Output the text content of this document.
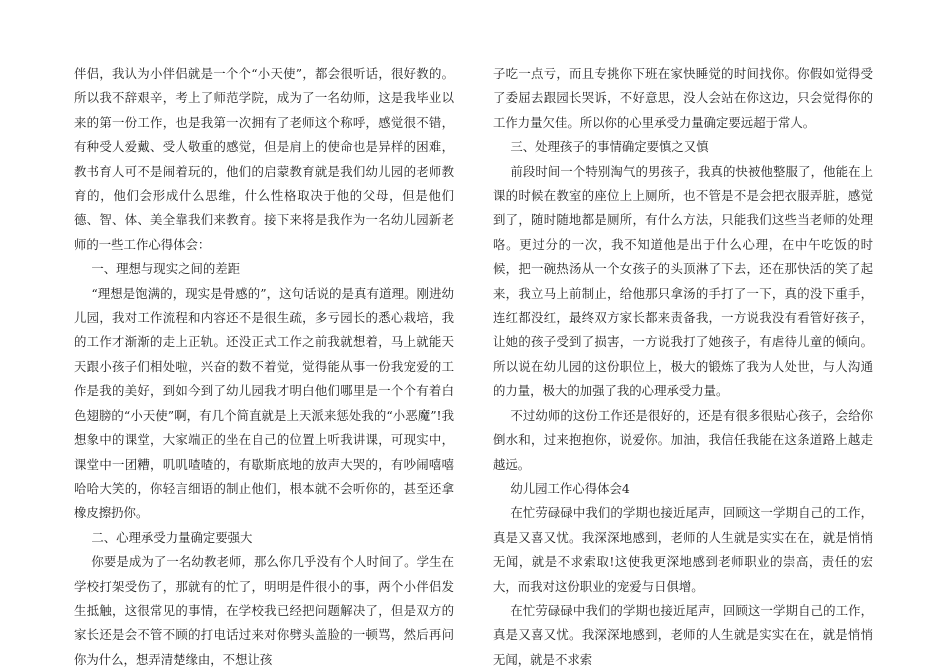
伴侣，我认为小伴侣就是一个个“小天使”，都会很听话，很好教的。所以我不辞艰辛，考上了师范学院，成为了一名幼师，这是我毕业以来的第一份工作，也是我第一次拥有了老师这个称呼，感觉很不错，有种受人爱戴、受人敬重的感觉，但是肩上的使命也是异样的困难，教书育人可不是闹着玩的，他们的启蒙教育就是我们幼儿园的老师教育的，他们会形成什么思维，什么性格取决于他的父母，但是他们德、智、体、美全靠我们来教育。接下来将是我作为一名幼儿园新老师的一些工作心得体会：

一、理想与现实之间的差距

“理想是饱满的，现实是骨感的”，这句话说的是真有道理。刚进幼儿园，我对工作流程和内容还不是很生疏，多亏园长的悉心栽培，我的工作才渐渐的走上正轨。还没正式工作之前我就想着，马上就能天天跟小孩子们相处啦，兴奋的数不着觉，觉得能从事一份我宠爱的工作是我的美好，到如今到了幼儿园我才明白他们哪里是一个个有着白色翅膀的“小天使”啊，有几个简直就是上天派来惩处我的“小恶魔”!我想象中的课堂，大家端正的坐在自己的位置上听我讲课，可现实中，课堂中一团糟，叽叽喳喳的，有歇斯底地的放声大哭的，有吵闹嘻嘻哈哈大笑的，你轻言细语的制止他们，根本就不会听你的，甚至还拿橡皮擦扔你。

二、心理承受力量确定要强大

你要是成为了一名幼教老师，那么你几乎没有个人时间了。学生在学校打架受伤了，那就有的忙了，明明是件很小的事，两个小伴侣发生抵触，这很常见的事情，在学校我已经把问题解决了，但是双方的家长还是会不管不顾的打电话过来对你劈头盖脸的一顿骂，然后再问你为什么，想弄清楚缘由，不想让孩

子吃一点亏，而且专挑你下班在家快睡觉的时间找你。你假如觉得受了委屈去跟园长哭诉，不好意思，没人会站在你这边，只会觉得你的工作力量欠佳。所以你的心里承受力量确定要远超于常人。

三、处理孩子的事情确定要慎之又慎

前段时间一个特别淘气的男孩子，我真的快被他整服了，他能在上课的时候在教室的座位上上厕所，也不管是不是会把衣服弄脏，感觉到了，随时随地都是厕所，有什么方法，只能我们这些当老师的处理咯。更过分的一次，我不知道他是出于什么心理，在中午吃饭的时候，把一碗热汤从一个女孩子的头顶淋了下去，还在那快活的笑了起来，我立马上前制止，给他那只拿汤的手打了一下，真的没下重手，连红都没红，最终双方家长都来责备我，一方说我没有看管好孩子，让她的孩子受到了损害，一方说我打了她孩子，有虐待儿童的倾向。所以说在幼儿园的这份职位上，极大的锻炼了我为人处世，与人沟通的力量，极大的加强了我的心理承受力量。

不过幼师的这份工作还是很好的，还是有很多很贴心孩子，会给你倒水和，过来抱抱你，说爱你。加油，我信任我能在这条道路上越走越远。

幼儿园工作心得体会4

在忙劳碌碌中我们的学期也接近尾声，回顾这一学期自己的工作，真是又喜又忧。我深深地感到，老师的人生就是实实在在，就是悄悄无闻，就是不求索取!这使我更深地感到老师职业的崇高，责任的宏大，而我对这份职业的宠爱与日俱增。

在忙劳碌碌中我们的学期也接近尾声，回顾这一学期自己的工作，真是又喜又忧。我深深地感到，老师的人生就是实实在在，就是悄悄无闻，就是不求索
